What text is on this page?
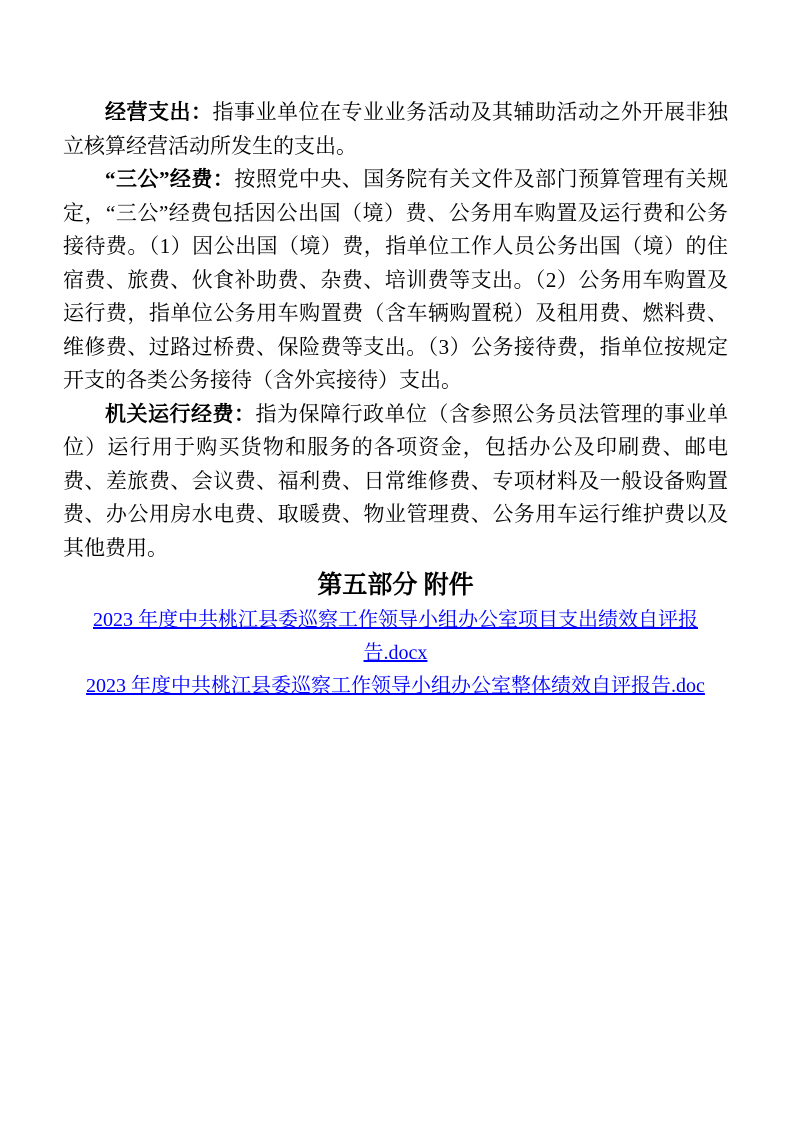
经营支出：指事业单位在专业业务活动及其辅助活动之外开展非独立核算经营活动所发生的支出。

“三公”经费：按照党中央、国务院有关文件及部门预算管理有关规定，“三公”经费包括因公出国（境）费、公务用车购置及运行费和公务接待费。（1）因公出国（境）费，指单位工作人员公务出国（境）的住宿费、旅费、伙食补助费、杂费、培训费等支出。（2）公务用车购置及运行费，指单位公务用车购置费（含车辆购置税）及租用费、燃料费、维修费、过路过桥费、保险费等支出。（3）公务接待费，指单位按规定开支的各类公务接待（含外宾接待）支出。

机关运行经费：指为保障行政单位（含参照公务员法管理的事业单位）运行用于购买货物和服务的各项资金，包括办公及印刷费、邮电费、差旅费、会议费、福利费、日常维修费、专项材料及一般设备购置费、办公用房水电费、取暖费、物业管理费、公务用车运行维护费以及其他费用。

第五部分 附件

2023 年度中共桃江县委巡察工作领导小组办公室项目支出绩效自评报告.docx

2023 年度中共桃江县委巡察工作领导小组办公室整体绩效自评报告.doc
